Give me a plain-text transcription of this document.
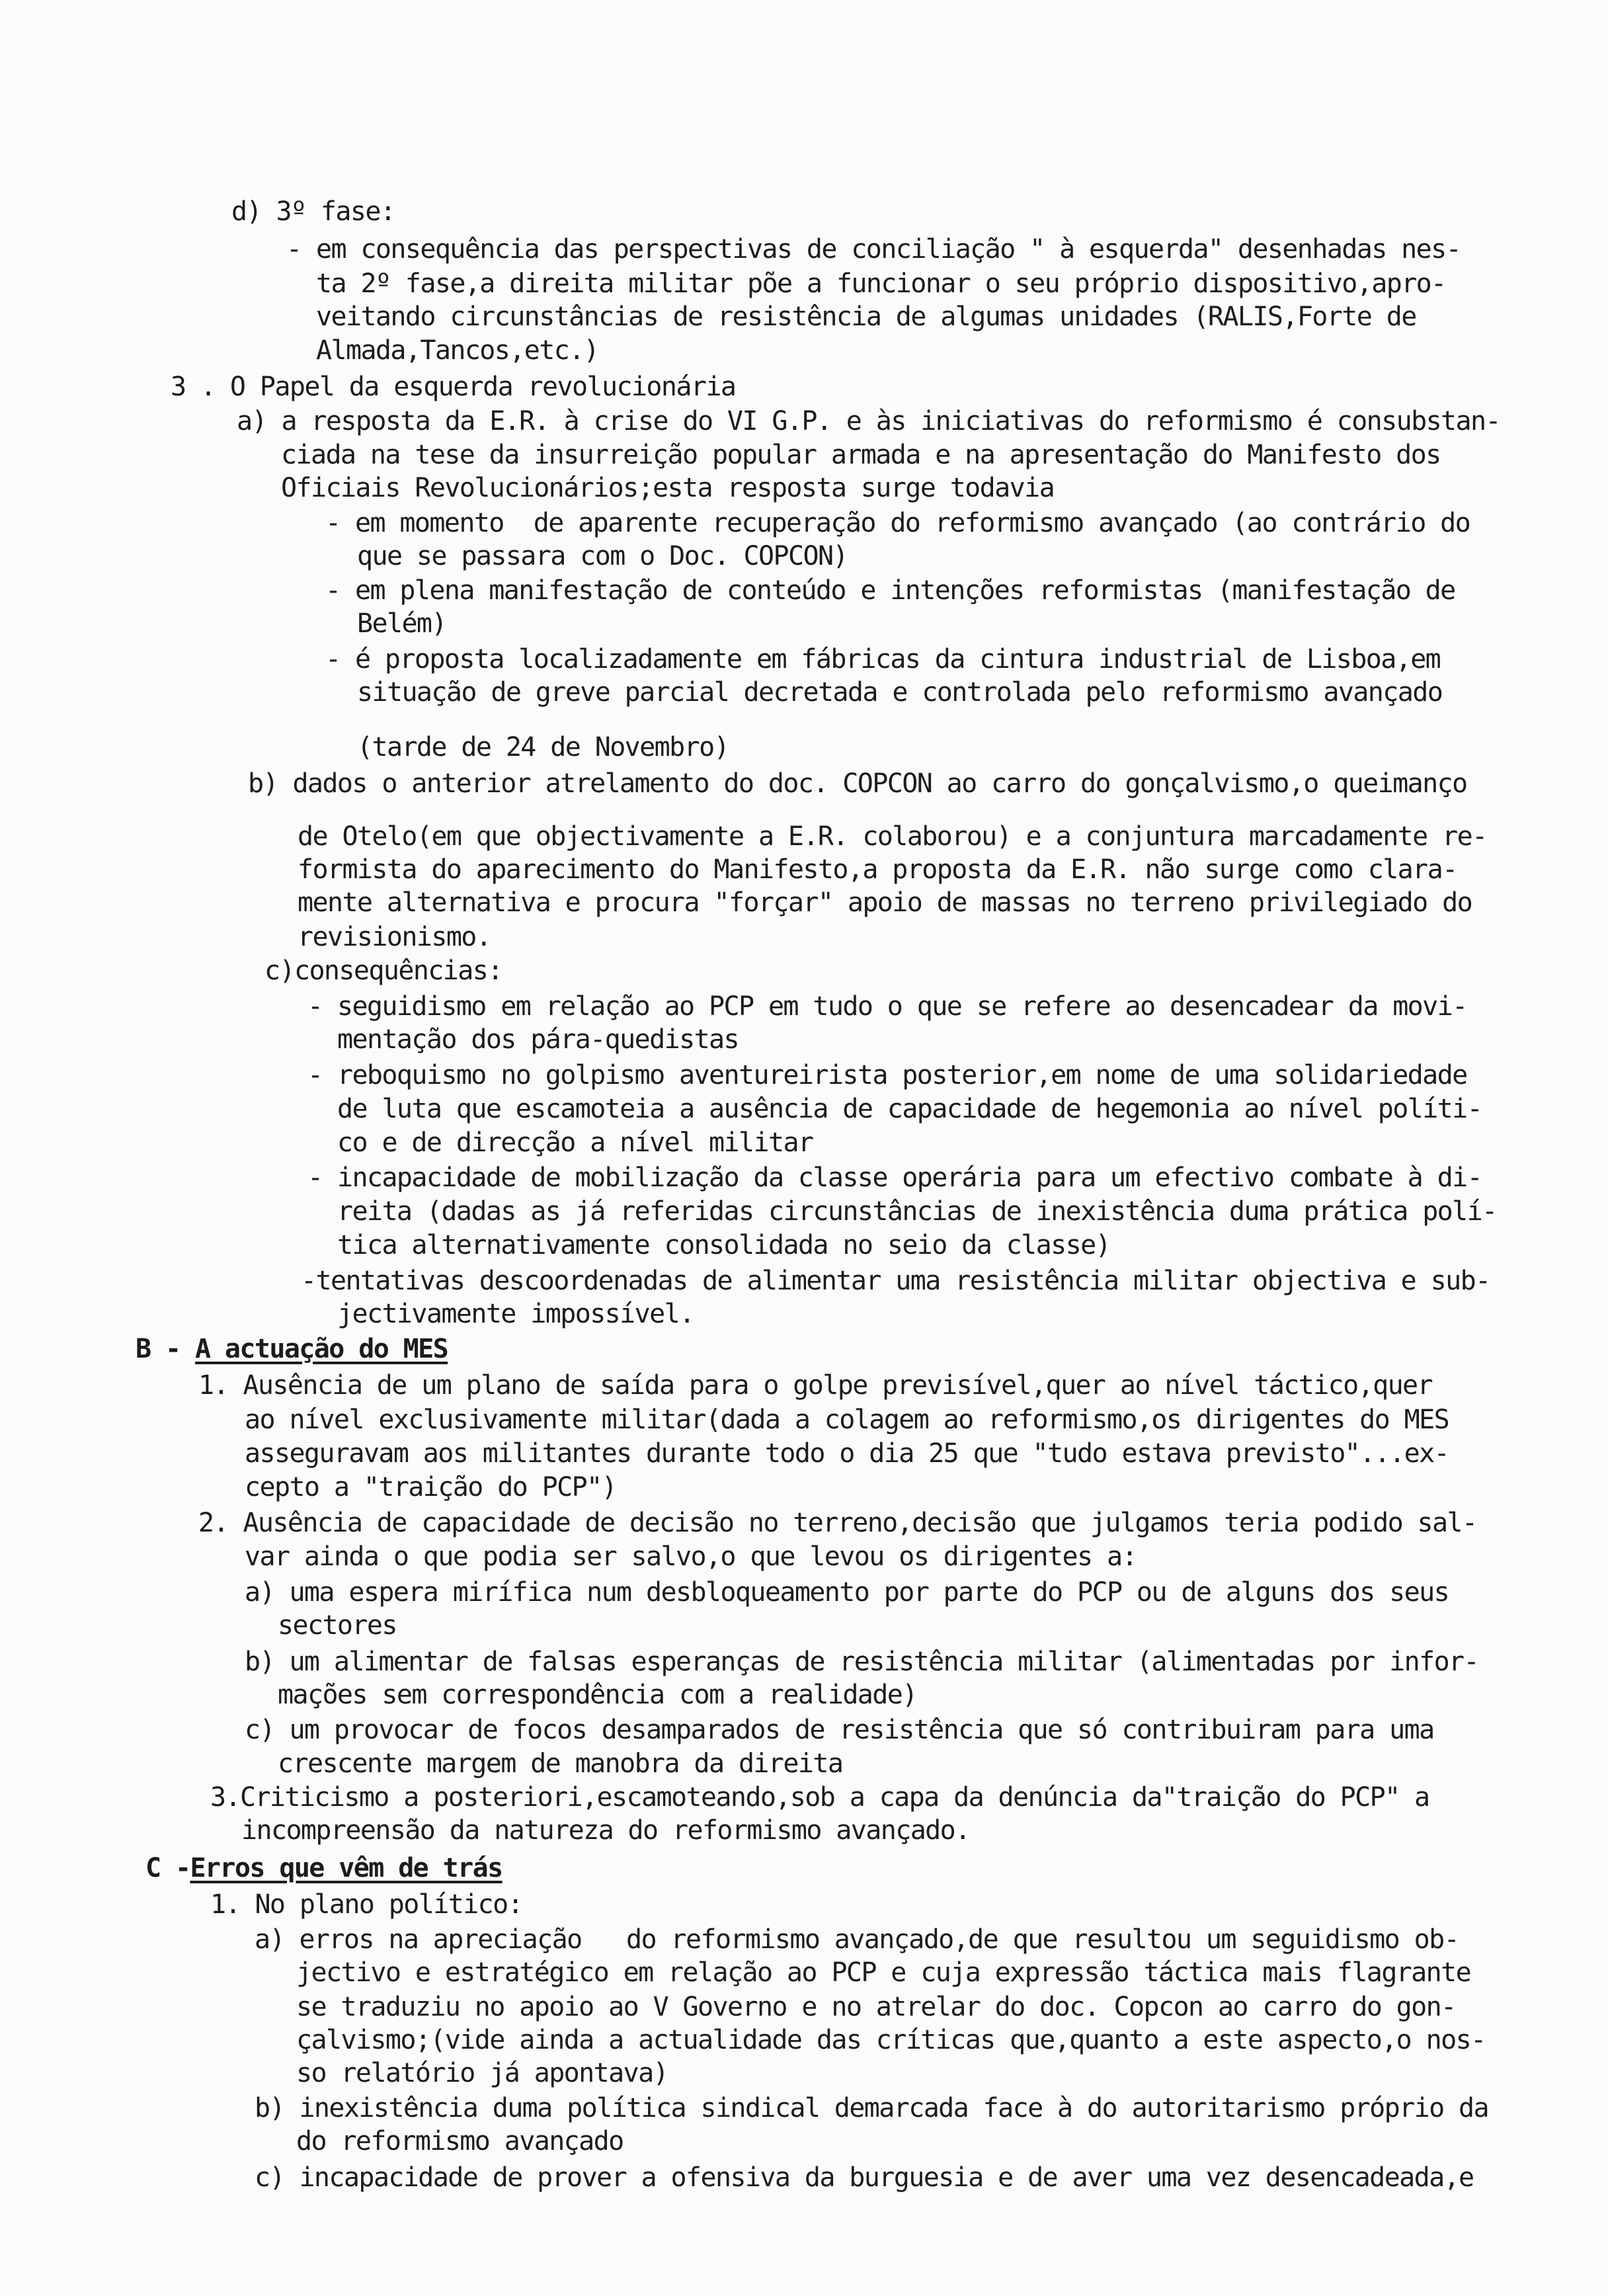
d) 3º fase:
- em consequência das perspectivas de conciliação " à esquerda" desenhadas nes-
ta 2º fase,a direita militar põe a funcionar o seu próprio dispositivo,apro-
veitando circunstâncias de resistência de algumas unidades (RALIS,Forte de
Almada,Tancos,etc.)
3 . O Papel da esquerda revolucionária
a) a resposta da E.R. à crise do VI G.P. e às iniciativas do reformismo é consubstan-
ciada na tese da insurreição popular armada e na apresentação do Manifesto dos
Oficiais Revolucionários;esta resposta surge todavia
- em momento  de aparente recuperação do reformismo avançado (ao contrário do
que se passara com o Doc. COPCON)
- em plena manifestação de conteúdo e intenções reformistas (manifestação de
Belém)
- é proposta localizadamente em fábricas da cintura industrial de Lisboa,em
situação de greve parcial decretada e controlada pelo reformismo avançado
(tarde de 24 de Novembro)
b) dados o anterior atrelamento do doc. COPCON ao carro do gonçalvismo,o queimanço
de Otelo(em que objectivamente a E.R. colaborou) e a conjuntura marcadamente re-
formista do aparecimento do Manifesto,a proposta da E.R. não surge como clara-
mente alternativa e procura "forçar" apoio de massas no terreno privilegiado do
revisionismo.
c)consequências:
- seguidismo em relação ao PCP em tudo o que se refere ao desencadear da movi-
mentação dos pára-quedistas
- reboquismo no golpismo aventureirista posterior,em nome de uma solidariedade
de luta que escamoteia a ausência de capacidade de hegemonia ao nível políti-
co e de direcção a nível militar
- incapacidade de mobilização da classe operária para um efectivo combate à di-
reita (dadas as já referidas circunstâncias de inexistência duma prática polí-
tica alternativamente consolidada no seio da classe)
-tentativas descoordenadas de alimentar uma resistência militar objectiva e sub-
jectivamente impossível.
B - A actuação do MES
1. Ausência de um plano de saída para o golpe previsível,quer ao nível táctico,quer
ao nível exclusivamente militar(dada a colagem ao reformismo,os dirigentes do MES
asseguravam aos militantes durante todo o dia 25 que "tudo estava previsto"...ex-
cepto a "traição do PCP")
2. Ausência de capacidade de decisão no terreno,decisão que julgamos teria podido sal-
var ainda o que podia ser salvo,o que levou os dirigentes a:
a) uma espera mirífica num desbloqueamento por parte do PCP ou de alguns dos seus
sectores
b) um alimentar de falsas esperanças de resistência militar (alimentadas por infor-
mações sem correspondência com a realidade)
c) um provocar de focos desamparados de resistência que só contribuiram para uma
crescente margem de manobra da direita
3.Criticismo a posteriori,escamoteando,sob a capa da denúncia da"traição do PCP" a
incompreensão da natureza do reformismo avançado.
C -Erros que vêm de trás
1. No plano político:
a) erros na apreciação   do reformismo avançado,de que resultou um seguidismo ob-
jectivo e estratégico em relação ao PCP e cuja expressão táctica mais flagrante
se traduziu no apoio ao V Governo e no atrelar do doc. Copcon ao carro do gon-
çalvismo;(vide ainda a actualidade das críticas que,quanto a este aspecto,o nos-
so relatório já apontava)
b) inexistência duma política sindical demarcada face à do autoritarismo próprio da
do reformismo avançado
c) incapacidade de prover a ofensiva da burguesia e de aver uma vez desencadeada,e
